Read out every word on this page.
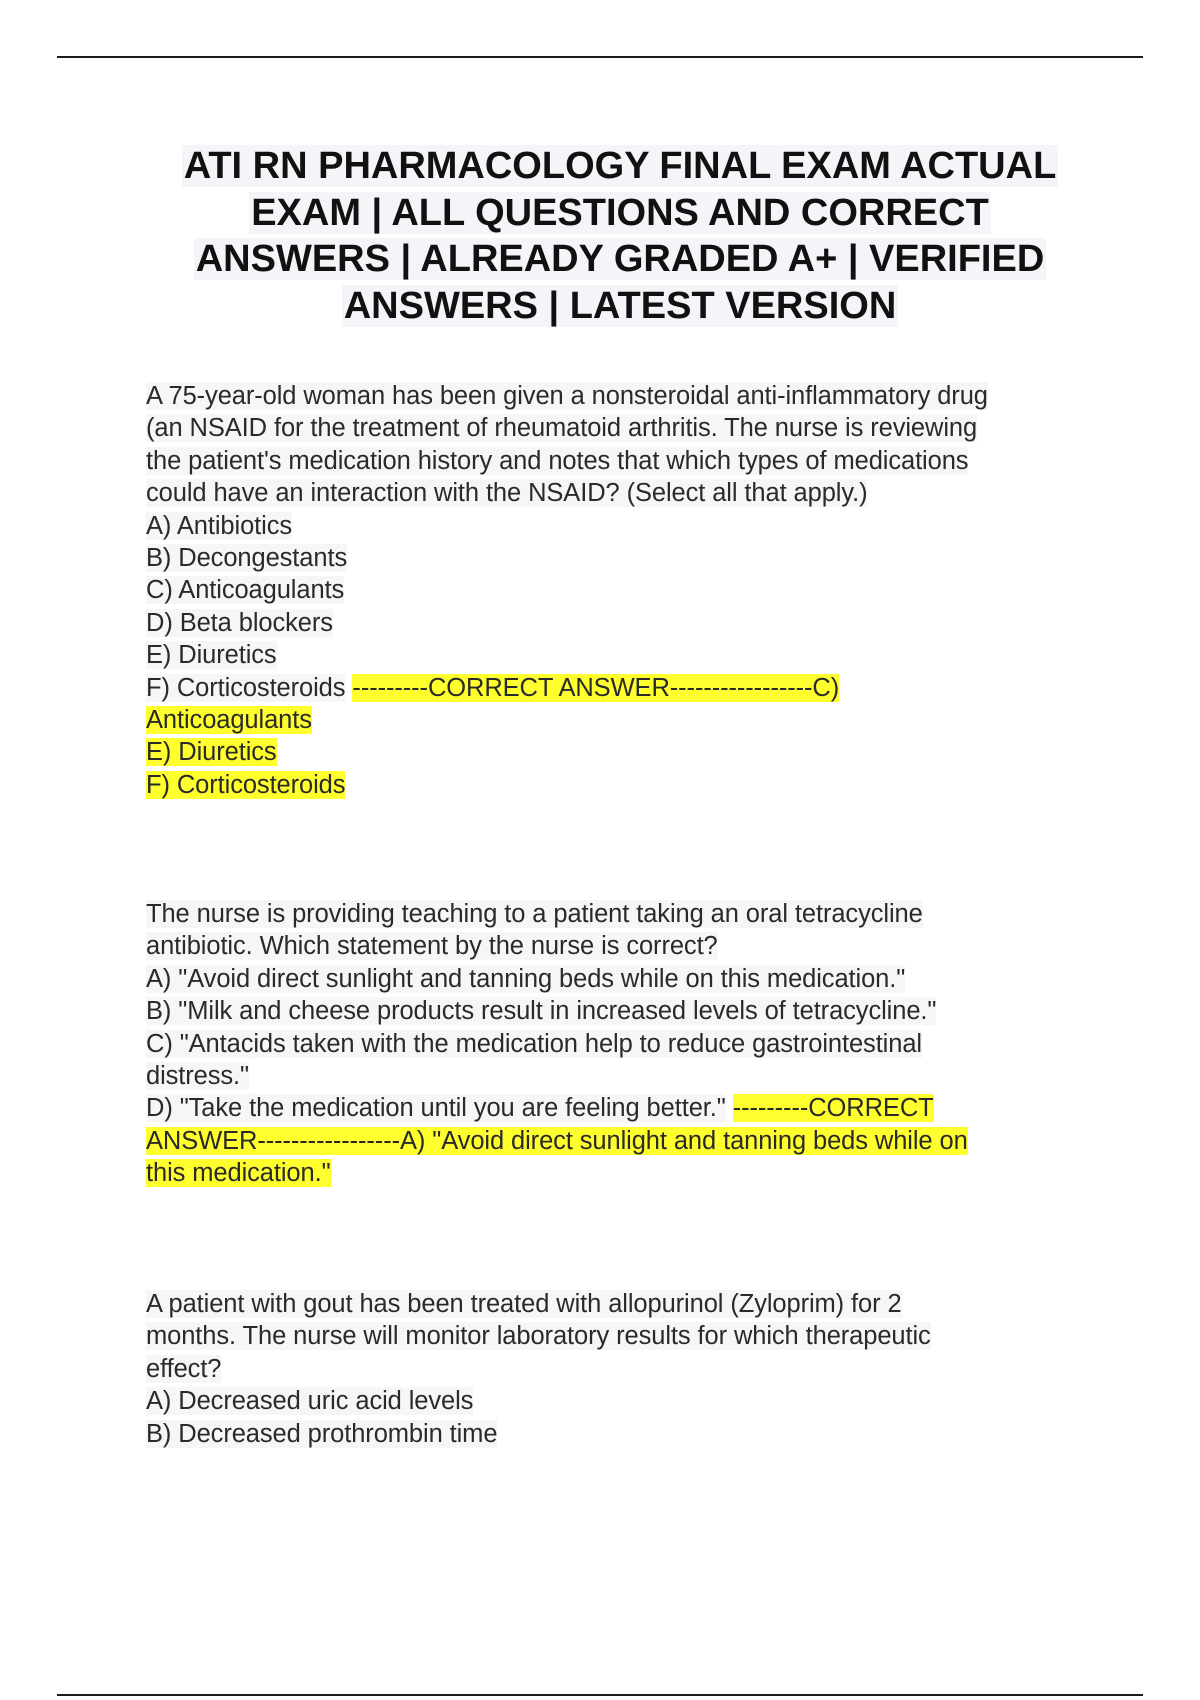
ATI RN PHARMACOLOGY FINAL EXAM ACTUAL
EXAM | ALL QUESTIONS AND CORRECT
ANSWERS | ALREADY GRADED A+ | VERIFIED
ANSWERS | LATEST VERSION
A 75-year-old woman has been given a nonsteroidal anti-inflammatory drug
(an NSAID for the treatment of rheumatoid arthritis. The nurse is reviewing
the patient's medication history and notes that which types of medications
could have an interaction with the NSAID? (Select all that apply.)
A) Antibiotics
B) Decongestants
C) Anticoagulants
D) Beta blockers
E) Diuretics
F) Corticosteroids ---------CORRECT ANSWER-----------------C)
Anticoagulants
E) Diuretics
F) Corticosteroids
The nurse is providing teaching to a patient taking an oral tetracycline
antibiotic. Which statement by the nurse is correct?
A) "Avoid direct sunlight and tanning beds while on this medication."
B) "Milk and cheese products result in increased levels of tetracycline."
C) "Antacids taken with the medication help to reduce gastrointestinal
distress."
D) "Take the medication until you are feeling better." ---------CORRECT
ANSWER-----------------A) "Avoid direct sunlight and tanning beds while on
this medication."
A patient with gout has been treated with allopurinol (Zyloprim) for 2
months. The nurse will monitor laboratory results for which therapeutic
effect?
A) Decreased uric acid levels
B) Decreased prothrombin time
